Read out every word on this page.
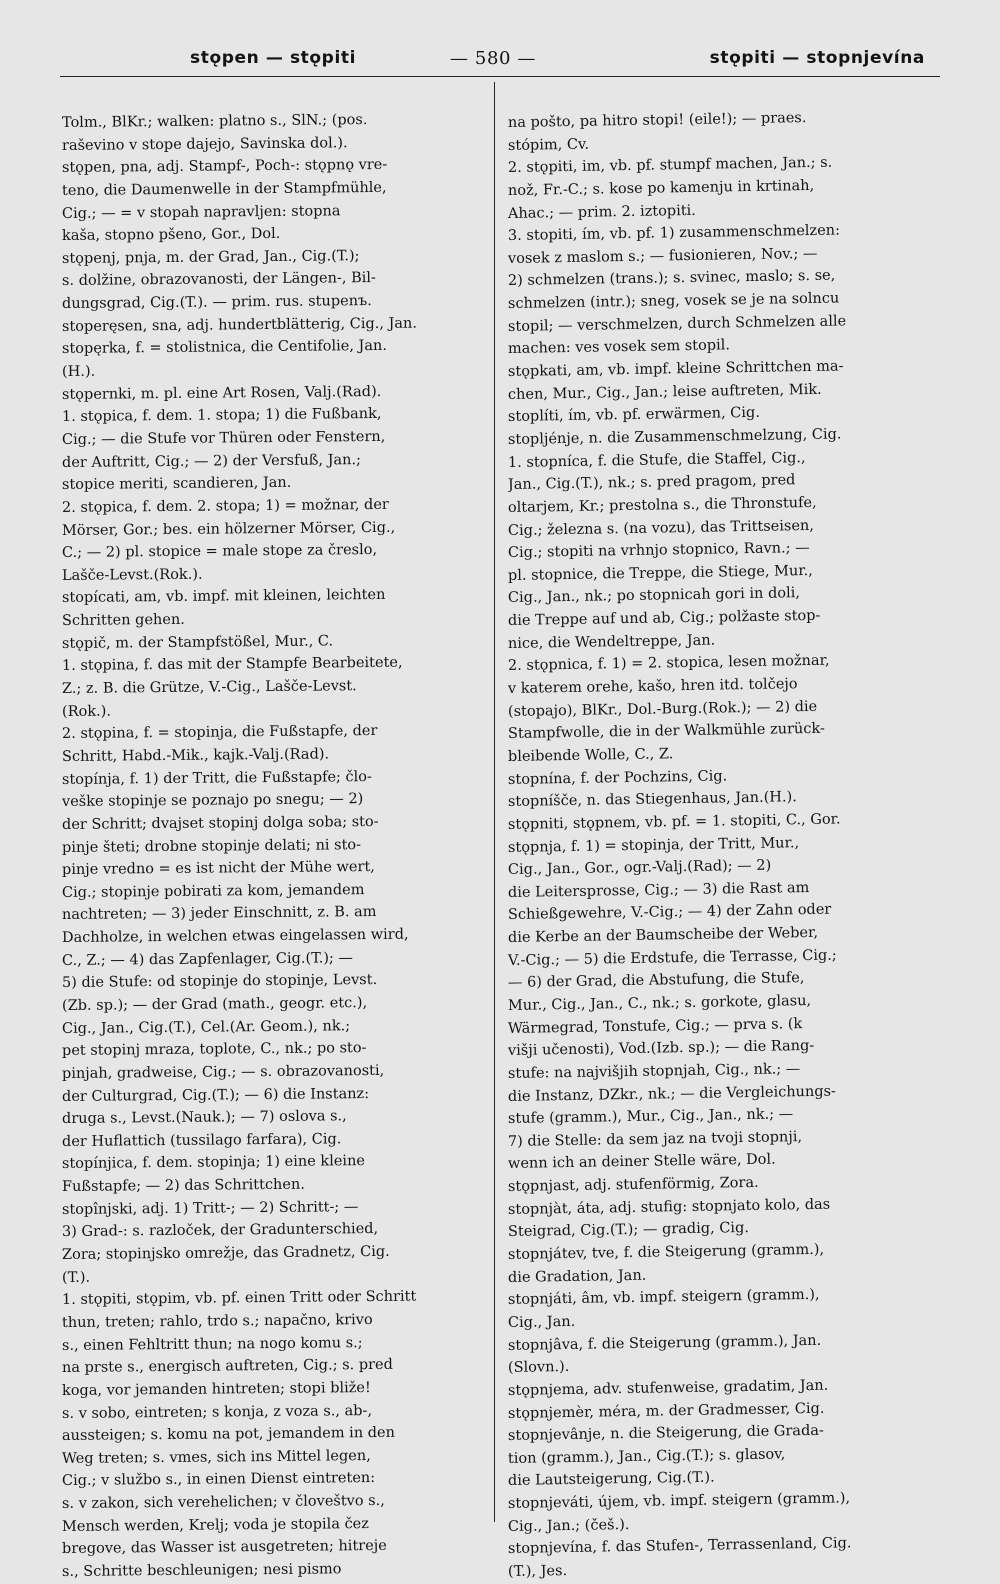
stǫpen — stǫpiti	— 580 —	stǫpiti — stopnjevína
Tolm., BlKr.; walken: platno s., SlN.; (pos.
raševino v stope dajejo, Savinska dol.).
stǫpen, pna, adj. Stampf-, Poch-: stǫpnǫ vre-
teno, die Daumenwelle in der Stampfmühle,
Cig.; — = v stopah napravljen: stopna
kaša, stopno pšeno, Gor., Dol.
stǫpenj, pnja, m. der Grad, Jan., Cig.(T.);
s. dolžine, obrazovanosti, der Längen-, Bil-
dungsgrad, Cig.(T.). — prim. rus. stupenъ.
stoperęsen, sna, adj. hundertblätterig, Cig., Jan.
stopęrka, f. = stolistnica, die Centifolie, Jan.
(H.).
stǫpernki, m. pl. eine Art Rosen, Valj.(Rad).
1. stǫpica, f. dem. 1. stopa; 1) die Fußbank,
Cig.; — die Stufe vor Thüren oder Fenstern,
der Auftritt, Cig.; — 2) der Versfuß, Jan.;
stopice meriti, scandieren, Jan.
2. stǫpica, f. dem. 2. stopa; 1) = možnar, der
Mörser, Gor.; bes. ein hölzerner Mörser, Cig.,
C.; — 2) pl. stopice = male stope za čreslo,
Lašče-Levst.(Rok.).
stopícati, am, vb. impf. mit kleinen, leichten
Schritten gehen.
stǫpič, m. der Stampfstößel, Mur., C.
1. stǫpina, f. das mit der Stampfe Bearbeitete,
Z.; z. B. die Grütze, V.-Cig., Lašče-Levst.
(Rok.).
2. stǫpina, f. = stopinja, die Fußstapfe, der
Schritt, Habd.-Mik., kajk.-Valj.(Rad).
stopínja, f. 1) der Tritt, die Fußstapfe; člo-
veške stopinje se poznajo po snegu; — 2)
der Schritt; dvajset stopinj dolga soba; sto-
pinje šteti; drobne stopinje delati; ni sto-
pinje vredno = es ist nicht der Mühe wert,
Cig.; stopinje pobirati za kom, jemandem
nachtreten; — 3) jeder Einschnitt, z. B. am
Dachholze, in welchen etwas eingelassen wird,
C., Z.; — 4) das Zapfenlager, Cig.(T.); —
5) die Stufe: od stopinje do stopinje, Levst.
(Zb. sp.); — der Grad (math., geogr. etc.),
Cig., Jan., Cig.(T.), Cel.(Ar. Geom.), nk.;
pet stopinj mraza, toplote, C., nk.; po sto-
pinjah, gradweise, Cig.; — s. obrazovanosti,
der Culturgrad, Cig.(T.); — 6) die Instanz:
druga s., Levst.(Nauk.); — 7) oslova s.,
der Huflattich (tussilago farfara), Cig.
stopínjica, f. dem. stopinja; 1) eine kleine
Fußstapfe; — 2) das Schrittchen.
stopînjski, adj. 1) Tritt-; — 2) Schritt-; —
3) Grad-: s. razloček, der Gradunterschied,
Zora; stopinjsko omrežje, das Gradnetz, Cig.
(T.).
1. stǫpiti, stǫpim, vb. pf. einen Tritt oder Schritt
thun, treten; rahlo, trdo s.; napačno, krivo
s., einen Fehltritt thun; na nogo komu s.;
na prste s., energisch auftreten, Cig.; s. pred
koga, vor jemanden hintreten; stopi bliže!
s. v sobo, eintreten; s konja, z voza s., ab-,
aussteigen; s. komu na pot, jemandem in den
Weg treten; s. vmes, sich ins Mittel legen,
Cig.; v službo s., in einen Dienst eintreten:
s. v zakon, sich verehelichen; v človeštvo s.,
Mensch werden, Krelj; voda je stopila čez
bregove, das Wasser ist ausgetreten; hitreje
s., Schritte beschleunigen; nesi pismo
na pošto, pa hitro stopi! (eile!); — praes.
stópim, Cv.
2. stǫpiti, im, vb. pf. stumpf machen, Jan.; s.
nož, Fr.-C.; s. kose po kamenju in krtinah,
Ahac.; — prim. 2. iztopiti.
3. stopiti, ím, vb. pf. 1) zusammenschmelzen:
vosek z maslom s.; — fusionieren, Nov.; —
2) schmelzen (trans.); s. svinec, maslo; s. se,
schmelzen (intr.); sneg, vosek se je na solncu
stopil; — verschmelzen, durch Schmelzen alle
machen: ves vosek sem stopil.
stǫpkati, am, vb. impf. kleine Schrittchen ma-
chen, Mur., Cig., Jan.; leise auftreten, Mik.
stoplíti, ím, vb. pf. erwärmen, Cig.
stopljénje, n. die Zusammenschmelzung, Cig.
1. stopníca, f. die Stufe, die Staffel, Cig.,
Jan., Cig.(T.), nk.; s. pred pragom, pred
oltarjem, Kr.; prestolna s., die Thronstufe,
Cig.; železna s. (na vozu), das Trittseisen,
Cig.; stopiti na vrhnjo stopnico, Ravn.; —
pl. stopnice, die Treppe, die Stiege, Mur.,
Cig., Jan., nk.; po stopnicah gori in doli,
die Treppe auf und ab, Cig.; polžaste stop-
nice, die Wendeltreppe, Jan.
2. stǫpnica, f. 1) = 2. stopica, lesen možnar,
v katerem orehe, kašo, hren itd. tolčejo
(stopajo), BlKr., Dol.-Burg.(Rok.); — 2) die
Stampfwolle, die in der Walkmühle zurück-
bleibende Wolle, C., Z.
stopnína, f. der Pochzins, Cig.
stopníšče, n. das Stiegenhaus, Jan.(H.).
stǫpniti, stǫpnem, vb. pf. = 1. stopiti, C., Gor.
stǫpnja, f. 1) = stopinja, der Tritt, Mur.,
Cig., Jan., Gor., ogr.-Valj.(Rad); — 2)
die Leitersprosse, Cig.; — 3) die Rast am
Schießgewehre, V.-Cig.; — 4) der Zahn oder
die Kerbe an der Baumscheibe der Weber,
V.-Cig.; — 5) die Erdstufe, die Terrasse, Cig.;
— 6) der Grad, die Abstufung, die Stufe,
Mur., Cig., Jan., C., nk.; s. gorkote, glasu,
Wärmegrad, Tonstufe, Cig.; — prva s. (k
višji učenosti), Vod.(Izb. sp.); — die Rang-
stufe: na najvišjih stopnjah, Cig., nk.; —
die Instanz, DZkr., nk.; — die Vergleichungs-
stufe (gramm.), Mur., Cig., Jan., nk.; —
7) die Stelle: da sem jaz na tvoji stopnji,
wenn ich an deiner Stelle wäre, Dol.
stǫpnjast, adj. stufenförmig, Zora.
stopnjàt, áta, adj. stufig: stopnjato kolo, das
Steigrad, Cig.(T.); — gradig, Cig.
stopnjátev, tve, f. die Steigerung (gramm.),
die Gradation, Jan.
stopnjáti, âm, vb. impf. steigern (gramm.),
Cig., Jan.
stopnjâva, f. die Steigerung (gramm.), Jan.
(Slovn.).
stǫpnjema, adv. stufenweise, gradatim, Jan.
stǫpnjemèr, méra, m. der Gradmesser, Cig.
stopnjevânje, n. die Steigerung, die Grada-
tion (gramm.), Jan., Cig.(T.); s. glasov,
die Lautsteigerung, Cig.(T.).
stopnjeváti, újem, vb. impf. steigern (gramm.),
Cig., Jan.; (češ.).
stopnjevína, f. das Stufen-, Terrassenland, Cig.
(T.), Jes.
